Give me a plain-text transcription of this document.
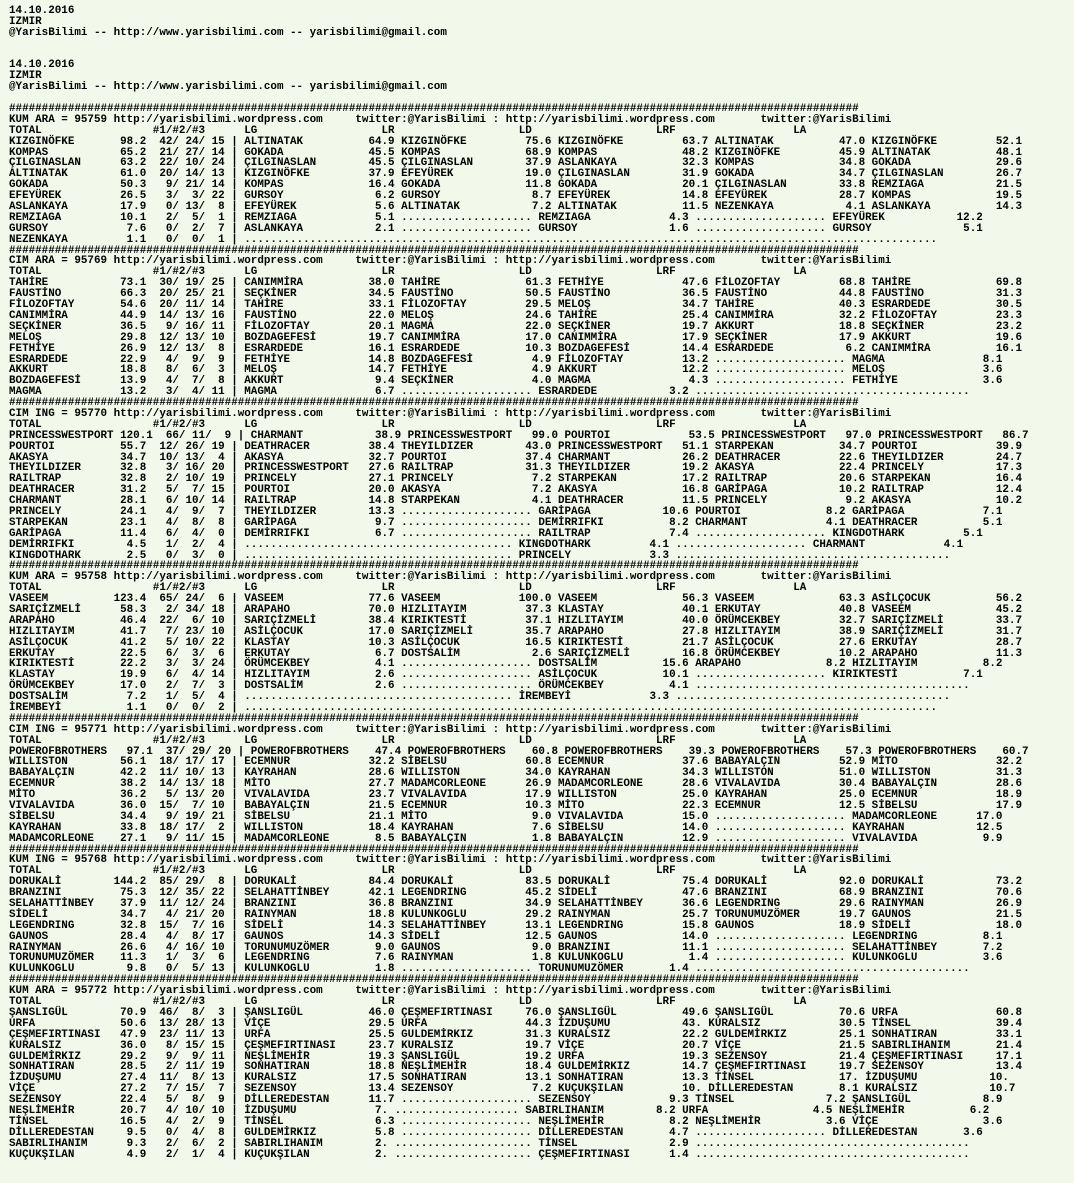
14.10.2016
IZMIR
@YarisBilimi -- http://www.yarisbilimi.com -- yarisbilimi@gmail.com

14.10.2016
IZMIR
@YarisBilimi -- http://www.yarisbilimi.com -- yarisbilimi@gmail.com

##################################################################################################################################
KUM ARA = 95759 http://yarisbilimi.wordpress.com     twitter:@YarisBilimi : http://yarisbilimi.wordpress.com       twitter:@YarisBilimi
TOTAL                 #1/#2/#3      LG                   LR                   LD                   LRF                  LA
KIZGINÖFKE       98.2  42/ 24/ 15 | ALTINATAK          64.9 KIZGINÖFKE         75.6 KIZGINÖFKE         63.7 ALTINATAK          47.0 KIZGINÖFKE         52.1
KOMPAS           65.2  21/ 27/ 14 | GOKADA             45.5 KOMPAS             68.9 KOMPAS             48.2 KIZGINÖFKE         45.9 ALTINATAK          48.1
ÇILGINASLAN      63.2  22/ 10/ 24 | ÇILGINASLAN        45.5 ÇILGINASLAN        37.9 ASLANKAYA          32.3 KOMPAS             34.8 GOKADA             29.6
ALTINATAK        61.0  20/ 14/ 13 | KIZGINÖFKE         37.9 EFEYÜREK           19.0 ÇILGINASLAN        31.9 GOKADA             34.7 ÇILGINASLAN        26.7
GOKADA           50.3   9/ 21/ 14 | KOMPAS             16.4 GOKADA             11.8 GOKADA             20.1 ÇILGINASLAN        33.8 REMZIAGA           21.5
EFEYÜREK         26.5   3/  3/ 22 | GURSOY              6.2 GURSOY              8.7 EFEYÜREK           14.8 EFEYÜREK           28.7 KOMPAS             19.5
ASLANKAYA        17.9   0/ 13/  8 | EFEYÜREK            5.6 ALTINATAK           7.2 ALTINATAK          11.5 NEZENKAYA           4.1 ASLANKAYA          14.3
REMZIAGA         10.1   2/  5/  1 | REMZIAGA            5.1 .................... REMZIAGA            4.3 .................... EFEYÜREK           12.2
GURSOY            7.6   0/  2/  7 | ASLANKAYA           2.1 .................... GURSOY              1.6 .................... GURSOY              5.1
NEZENKAYA         1.1   0/  0/  1 | ..........................................................................................................
##################################################################################################################################
CIM ARA = 95769 http://yarisbilimi.wordpress.com     twitter:@YarisBilimi : http://yarisbilimi.wordpress.com       twitter:@YarisBilimi
TOTAL                 #1/#2/#3      LG                   LR                   LD                   LRF                  LA
TAHİRE           73.1  30/ 19/ 25 | CANIMMİRA          38.0 TAHİRE             61.3 FETHİYE            47.6 FİLOZOFTAY         68.8 TAHİRE             69.8
FAUSTİNO         66.3  20/ 25/ 21 | SEÇKİNER           34.5 FAUSTİNO           50.5 FAUSTİNO           36.5 FAUSTİNO           44.8 FAUSTİNO           31.3
FİLOZOFTAY       54.6  20/ 11/ 14 | TAHİRE             33.1 FİLOZOFTAY         29.5 MELOŞ              34.7 TAHİRE             40.3 ESRARDEDE          30.5
CANIMMİRA        44.9  14/ 13/ 16 | FAUSTİNO           22.0 MELOŞ              24.6 TAHİRE             25.4 CANIMMİRA          32.2 FİLOZOFTAY         23.3
SEÇKİNER         36.5   9/ 16/ 11 | FİLOZOFTAY         20.1 MAGMA              22.0 SEÇKİNER           19.7 AKKURT             18.8 SEÇKİNER           23.2
MELOŞ            29.8  12/ 13/ 10 | BOZDAGEFESİ        19.7 CANIMMİRA          17.0 CANIMMİRA          17.9 SEÇKİNER           17.9 AKKURT             19.6
FETHİYE          26.9  12/ 13/  8 | ESRARDEDE          16.1 ESRARDEDE          10.3 BOZDAGEFESİ        14.4 ESRARDEDE           6.2 CANIMMİRA          16.1
ESRARDEDE        22.9   4/  9/  9 | FETHİYE            14.8 BOZDAGEFESİ         4.9 FİLOZOFTAY         13.2 .................... MAGMA               8.1
AKKURT           18.8   8/  6/  3 | MELOŞ              14.7 FETHİYE             4.9 AKKURT             12.2 .................... MELOŞ               3.6
BOZDAGEFESİ      13.9   4/  7/  8 | AKKURT              9.4 SEÇKİNER            4.0 MAGMA               4.3 .................... FETHİYE             3.6
MAGMA            13.2   3/  4/ 11 | MAGMA               6.7 .................... ESRARDEDE           3.2 ..........................................
##################################################################################################################################
CIM ING = 95770 http://yarisbilimi.wordpress.com     twitter:@YarisBilimi : http://yarisbilimi.wordpress.com       twitter:@YarisBilimi
TOTAL                 #1/#2/#3      LG                   LR                   LD                   LRF                  LA
PRINCESSWESTPORT 120.1  66/ 11/  9 | CHARMANT           38.9 PRINCESSWESTPORT   99.0 POURTOI            53.5 PRINCESSWESTPORT   97.0 PRINCESSWESTPORT   86.7
POURTOI          55.7  12/ 26/ 19 | DEATHRACER         38.4 THEYILDIZER        43.0 PRINCESSWESTPORT   51.1 STARPEKAN          34.7 POURTOI            39.9
AKASYA           34.7  10/ 13/  4 | AKASYA             32.7 POURTOI            37.4 CHARMANT           26.2 DEATHRACER         22.6 THEYILDIZER        24.7
THEYILDIZER      32.8   3/ 16/ 20 | PRINCESSWESTPORT   27.6 RAILTRAP           31.3 THEYILDIZER        19.2 AKASYA             22.4 PRINCELY           17.3
RAILTRAP         32.8   2/ 10/ 19 | PRINCELY           27.1 PRINCELY            7.2 STARPEKAN          17.2 RAILTRAP           20.6 STARPEKAN          16.4
DEATHRACER       31.2   5/  7/ 15 | POURTOI            20.0 AKASYA              7.2 AKASYA             16.8 GARİPAGA           10.2 RAILTRAP           12.4
CHARMANT         28.1   6/ 10/ 14 | RAILTRAP           14.8 STARPEKAN           4.1 DEATHRACER         11.5 PRINCELY            9.2 AKASYA             10.2
PRINCELY         24.1   4/  9/  7 | THEYILDIZER        13.3 .................... GARİPAGA           10.6 POURTOI             8.2 GARİPAGA            7.1
STARPEKAN        23.1   4/  8/  8 | GARİPAGA            9.7 .................... DEMİRRIFKI          8.2 CHARMANT            4.1 DEATHRACER          5.1
GARİPAGA         11.4   6/  4/  0 | DEMİRRIFKI          6.7 .................... RAILTRAP            7.4 .................... KINGDOTHARK         5.1
DEMİRRIFKI        4.5   1/  2/  4 | ......................................... KINGDOTHARK         4.1 .................... CHARMANT            4.1
KINGDOTHARK       2.5   0/  3/  0 | ......................................... PRINCELY            3.3 ..........................................
##################################################################################################################################
KUM ARA = 95758 http://yarisbilimi.wordpress.com     twitter:@YarisBilimi : http://yarisbilimi.wordpress.com       twitter:@YarisBilimi
TOTAL                 #1/#2/#3      LG                   LR                   LD                   LRF                  LA
VASEEM          123.4  65/ 24/  6 | VASEEM             77.6 VASEEM            100.0 VASEEM             56.3 VASEEM             63.3 ASİLÇOCUK          56.2
SARIÇİZMELİ      58.3   2/ 34/ 18 | ARAPAHO            70.0 HIZLITAYIM         37.3 KLASTAY            40.1 ERKUTAY            40.8 VASEEM             45.2
ARAPAHO          46.4  22/  6/ 10 | SARIÇİZMELİ        38.4 KIRIKTESTİ         37.1 HIZLITAYIM         40.0 ÖRÜMCEKBEY         32.7 SARIÇİZMELİ        33.7
HIZLITAYIM       41.7   7/ 23/ 10 | ASİLÇOCUK          17.0 SARIÇİZMELİ        35.7 ARAPAHO            27.8 HIZLITAYIM         38.9 SARIÇİZMELİ        31.7
ASİLÇOCUK        41.2   5/ 10/ 22 | KLASTAY            10.3 ASİLÇOCUK          16.5 KIRIKTESTİ         21.7 ASİLÇOCUK          27.6 ERKUTAY            28.7
ERKUTAY          22.5   6/  3/  6 | ERKUTAY             6.7 DOSTSALİM           2.6 SARIÇİZMELİ        16.8 ÖRÜMCEKBEY         10.2 ARAPAHO            11.3
KIRIKTESTİ       22.2   3/  3/ 24 | ÖRÜMCEKBEY          4.1 .................... DOSTSALİM          15.6 ARAPAHO             8.2 HIZLITAYIM          8.2
KLASTAY          19.9   6/  4/ 14 | HIZLITAYIM          2.6 .................... ASİLÇOCUK          10.1 .................... KIRIKTESTİ          7.1
ÖRÜMCEKBEY       17.0   2/  7/  3 | DOSTSALİM           2.6 .................... ÖRÜMCEKBEY          4.1 ..........................................
DOSTSALİM         7.2   1/  5/  4 | ......................................... İREMBEYİ            3.3 ..........................................
İREMBEYİ          1.1   0/  0/  2 | ..........................................................................................................
##################################################################################################################################
CIM ING = 95771 http://yarisbilimi.wordpress.com     twitter:@YarisBilimi : http://yarisbilimi.wordpress.com       twitter:@YarisBilimi
TOTAL                 #1/#2/#3      LG                   LR                   LD                   LRF                  LA
POWEROFBROTHERS   97.1  37/ 29/ 20 | POWEROFBROTHERS    47.4 POWEROFBROTHERS    60.8 POWEROFBROTHERS    39.3 POWEROFBROTHERS    57.3 POWEROFBROTHERS    60.7
WILLISTON        56.1  18/ 17/ 17 | ECEMNUR            32.2 SİBELSU            60.8 ECEMNUR            37.6 BABAYALÇIN         52.9 MİTO               32.2
BABAYALÇIN       42.2  11/ 10/ 13 | KAYRAHAN           28.6 WILLISTON          34.0 KAYRAHAN           34.3 WILLISTON          51.0 WILLISTON          31.3
ECEMNUR          38.2  14/ 13/ 18 | MİTO               27.7 MADAMCORLEONE      26.9 MADAMCORLEONE      28.6 VIVALAVIDA         30.4 BABAYALÇIN         28.6
MİTO             36.2   5/ 13/ 20 | VIVALAVIDA         23.7 VIVALAVIDA         17.9 WILLISTON          25.0 KAYRAHAN           25.0 ECEMNUR            18.9
VIVALAVIDA       36.0  15/  7/ 10 | BABAYALÇIN         21.5 ECEMNUR            10.3 MİTO               22.3 ECEMNUR            12.5 SİBELSU            17.9
SİBELSU          34.4   9/ 19/ 21 | SİBELSU            21.1 MİTO                9.0 VIVALAVIDA         15.0 .................... MADAMCORLEONE      17.0
KAYRAHAN         33.8  18/ 17/  2 | WILLISTON          18.4 KAYRAHAN            7.6 SİBELSU            14.0 .................... KAYRAHAN           12.5
MADAMCORLEONE    27.1   9/ 11/ 15 | MADAMCORLEONE       8.5 BABAYALÇIN          1.8 BABAYALÇIN         12.9 .................... VIVALAVIDA          9.9
##################################################################################################################################
KUM ING = 95768 http://yarisbilimi.wordpress.com     twitter:@YarisBilimi : http://yarisbilimi.wordpress.com       twitter:@YarisBilimi
TOTAL                 #1/#2/#3      LG                   LR                   LD                   LRF                  LA
DORUKALİ        144.2  85/ 29/  8 | DORUKALİ           84.4 DORUKALİ           83.5 DORUKALİ           75.4 DORUKALİ           92.0 DORUKALİ           73.2
BRANZINI         75.3  12/ 35/ 22 | SELAHATTİNBEY      42.1 LEGENDRING         45.2 SİDELİ             47.6 BRANZINI           68.9 BRANZINI           70.6
SELAHATTİNBEY    37.9  11/ 12/ 24 | BRANZINI           36.8 BRANZINI           34.9 SELAHATTİNBEY      36.6 LEGENDRING         29.6 RAINYMAN           26.9
SİDELİ           34.7   4/ 21/ 20 | RAINYMAN           18.8 KULUNKOGLU         29.2 RAINYMAN           25.7 TORUNUMUZÖMER      19.7 GAUNOS             21.5
LEGENDRING       32.8  15/  7/ 16 | SİDELİ             14.3 SELAHATTİNBEY      13.1 LEGENDRING         15.8 GAUNOS             18.9 SİDELİ             18.0
GAUNOS           28.4   4/  8/ 17 | GAUNOS             14.3 SİDELİ             12.5 GAUNOS             14.0 .................... LEGENDRING          8.1
RAINYMAN         26.6   4/ 16/ 10 | TORUNUMUZÖMER       9.0 GAUNOS              9.0 BRANZINI           11.1 .................... SELAHATTİNBEY       7.2
TORUNUMUZÖMER    11.3   1/  3/  6 | LEGENDRING          7.6 RAINYMAN            1.8 KULUNKOGLU          1.4 .................... KULUNKOGLU          3.6
KULUNKOGLU        9.8   0/  5/ 13 | KULUNKOGLU          1.8 .................... TORUNUMUZÖMER       1.4 ..........................................
##################################################################################################################################
KUM ARA = 95772 http://yarisbilimi.wordpress.com     twitter:@YarisBilimi : http://yarisbilimi.wordpress.com       twitter:@YarisBilimi
TOTAL                 #1/#2/#3      LG                   LR                   LD                   LRF                  LA
ŞANSLIGÜL        70.9  46/  8/  3 | ŞANSLIGÜL          46.0 ÇEŞMEFIRTINASI     76.0 ŞANSLIGÜL          49.6 ŞANSLIGÜL          70.6 URFA               60.8
URFA             50.6  13/ 28/ 13 | VİÇE               29.5 URFA               44.3 İZDUŞUMU           43. KURALSIZ            30.5 TİNSEL             39.4
ÇEŞMEFIRTINASI   47.9  23/ 11/ 13 | URFA               25.5 GULDEMİRKIZ        31.3 KURALSIZ           22.2 GULDEMİRKIZ        25.1 SONHATIRAN         33.1
KURALSIZ         36.0   8/ 15/ 15 | ÇEŞMEFIRTINASI     23.7 KURALSIZ           19.7 VİÇE               20.7 VİÇE               21.5 SABIRLIHANIM       21.4
GULDEMİRKIZ      29.2   9/  9/ 11 | NEŞLİMEHİR         19.3 ŞANSLIGÜL          19.2 URFA               19.3 SEZENSOY           21.4 ÇEŞMEFIRTINASI     17.1
SONHATIRAN       28.5   2/ 11/ 19 | SONHATIRAN         18.8 NEŞLİMEHİR         18.4 GULDEMİRKIZ        14.7 ÇEŞMEFIRTINASI     19.7 SEZENSOY           13.4
İZDUŞUMU         27.4  11/  8/ 13 | KURALSIZ           17.5 SONHATIRAN         13.1 SONHATIRAN         13.3 TİNSEL             17. İZDUŞUMU           10.
VİÇE             27.2   7/ 15/  7 | SEZENSOY           13.4 SEZENSOY            7.2 KUÇUKŞILAN         10. DİLLEREDESTAN       8.1 KURALSIZ           10.7
SEZENSOY         22.4   5/  8/  9 | DİLLEREDESTAN      11.7 .................... SEZENSOY            9.3 TİNSEL              7.2 ŞANSLIGÜL           8.9
NEŞLİMEHİR       20.7   4/ 10/ 10 | İZDUŞUMU            7. ................... SABIRLIHANIM        8.2 URFA                4.5 NEŞLİMEHİR          6.2
TİNSEL           16.5   4/  2/  9 | TİNSEL              6.3 .................... NEŞLİMEHİR          8.2 NEŞLİMEHİR          3.6 VİÇE                3.6
DİLLEREDESTAN     9.5   0/  4/  8 | GULDEMİRKIZ         5.8 .................... DİLLEREDESTAN       4.7 .................... DİLLEREDESTAN       3.6
SABIRLIHANIM      9.3   2/  6/  2 | SABIRLIHANIM        2. ..................... TİNSEL              2.9 ..........................................
KUÇUKŞILAN        4.9   2/  1/  4 | KUÇUKŞILAN          2. ..................... ÇEŞMEFIRTINASI      1.4 ..........................................
